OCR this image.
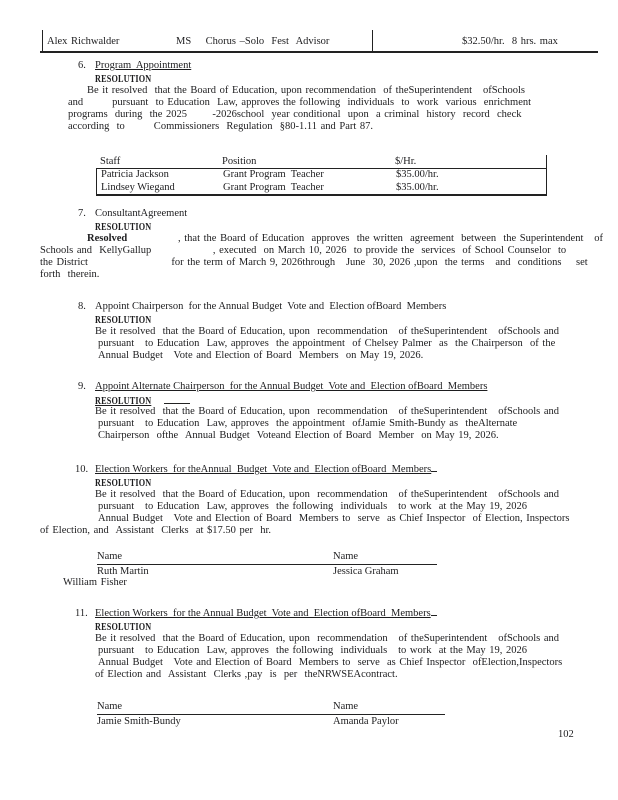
Alex Richwalder	MS    Chorus –Solo  Fest  Advisor	$32.50/hr.  8 hrs. max
6. Program  Appointment
RESOLUTION
Be it resolved  that the Board of Education, upon recommendation  of theSuperintendent   ofSchools
and        pursuant  to Education  Law, approves the following  individuals  to  work  various  enrichment
programs  during  the 2025       -2026school  year conditional  upon  a criminal  history  record  check
according  to        Commissioners  Regulation  §80-1.11 and Part 87.
Staff	Position	$/Hr.
Patricia Jackson	Grant Program  Teacher	$35.00/hr.
Lindsey Wiegand	Grant Program  Teacher	$35.00/hr.
7. ConsultantAgreement
RESOLUTION
Resolved              , that the Board of Education  approves  the written  agreement  between  the Superintendent   of
Schools and  KellyGallup                 , executed  on March 10, 2026  to provide the  services  of School Counselor  to
the District                       for the term of March 9, 2026through   June  30, 2026 ,upon  the terms   and  conditions    set
forth  therein.
8. Appoint Chairperson  for the Annual Budget  Vote and  Election ofBoard  Members
RESOLUTION
Be it resolved  that the Board of Education, upon  recommendation   of theSuperintendent   ofSchools and
pursuant   to Education  Law, approves  the appointment  of Chelsey Palmer  as  the Chairperson  of the
Annual Budget   Vote and Election of Board  Members  on May 19, 2026.
9. Appoint Alternate Chairperson  for the Annual Budget  Vote and  Election ofBoard  Members
RESOLUTION
Be it resolved  that the Board of Education, upon  recommendation   of theSuperintendent   ofSchools and
pursuant   to Education  Law, approves  the appointment  ofJamie Smith-Bundy as  theAlternate
Chairperson  ofthe  Annual Budget  Voteand Election of Board  Member  on May 19, 2026.
10. Election Workers  for theAnnual  Budget  Vote and  Election ofBoard  Members
RESOLUTION
Be it resolved  that the Board of Education, upon  recommendation   of theSuperintendent   ofSchools and
pursuant   to Education  Law, approves  the following  individuals   to work  at the May 19, 2026
Annual Budget   Vote and Election of Board  Members to  serve  as Chief Inspector  of Election, Inspectors
of Election, and  Assistant  Clerks  at $17.50 per  hr.
Name	Name
Ruth Martin	Jessica Graham
William Fisher
11. Election Workers  for the Annual Budget  Vote and  Election ofBoard  Members
RESOLUTION
Be it resolved  that the Board of Education, upon  recommendation   of theSuperintendent   ofSchools and
pursuant   to Education  Law, approves  the following  individuals   to work  at the May 19, 2026
Annual Budget   Vote and Election of Board  Members to  serve  as Chief Inspector  ofElection,Inspectors
of Election and  Assistant  Clerks ,pay  is  per  theNRWSEAcontract.
Name	Name
Jamie Smith-Bundy	Amanda Paylor
102
